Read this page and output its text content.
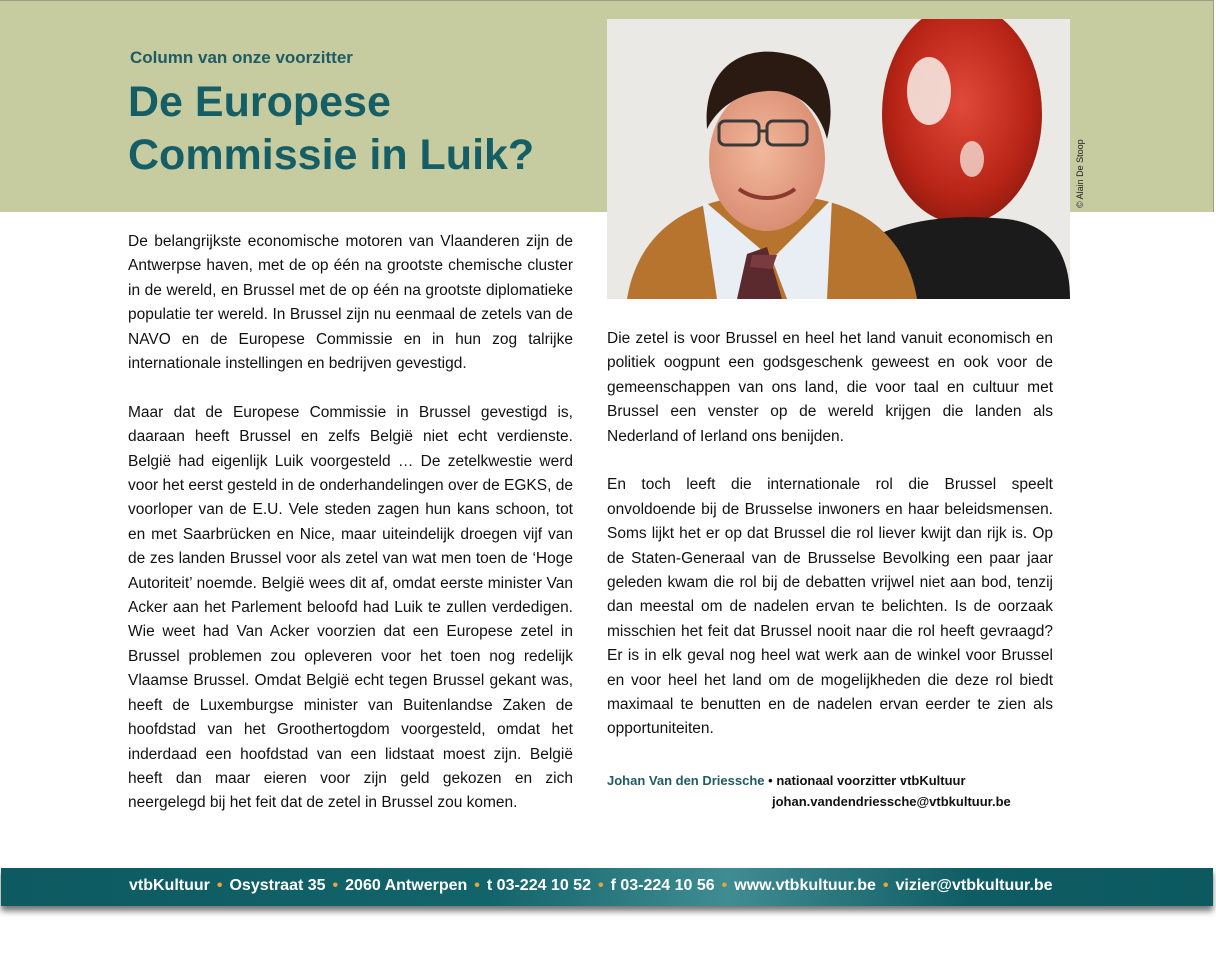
Column van onze voorzitter
De Europese
Commissie in Luik?	© Alain De Stoop

De belangrijkste economische motoren van Vlaanderen zijn de Antwerpse haven, met de op één na grootste chemische cluster in de wereld, en Brussel met de op één na grootste diplomatieke populatie ter wereld. In Brussel zijn nu eenmaal de zetels van de NAVO en de Europese Commissie en in hun zog talrijke internationale instellingen en bedrijven gevestigd.

Maar dat de Europese Commissie in Brussel gevestigd is, daaraan heeft Brussel en zelfs België niet echt verdienste. België had eigenlijk Luik voorgesteld … De zetelkwestie werd voor het eerst gesteld in de onderhandelingen over de EGKS, de voorloper van de E.U. Vele steden zagen hun kans schoon, tot en met Saarbrücken en Nice, maar uiteindelijk droegen vijf van de zes landen Brussel voor als zetel van wat men toen de ‘Hoge Autoriteit’ noemde. België wees dit af, omdat eerste minister Van Acker aan het Parlement beloofd had Luik te zullen verdedigen. Wie weet had Van Acker voorzien dat een Europese zetel in Brussel problemen zou opleveren voor het toen nog redelijk Vlaamse Brussel. Omdat België echt tegen Brussel gekant was, heeft de Luxemburgse minister van Buitenlandse Zaken de hoofdstad van het Groothertogdom voorgesteld, omdat het inderdaad een hoofdstad van een lidstaat moest zijn. België heeft dan maar eieren voor zijn geld gekozen en zich neergelegd bij het feit dat de zetel in Brussel zou komen.

Die zetel is voor Brussel en heel het land vanuit economisch en politiek oogpunt een godsgeschenk geweest en ook voor de gemeenschappen van ons land, die voor taal en cultuur met Brussel een venster op de wereld krijgen die landen als Nederland of Ierland ons benijden.

En toch leeft die internationale rol die Brussel speelt onvoldoende bij de Brusselse inwoners en haar beleidsmensen. Soms lijkt het er op dat Brussel die rol liever kwijt dan rijk is. Op de Staten-Generaal van de Brusselse Bevolking een paar jaar geleden kwam die rol bij de debatten vrijwel niet aan bod, tenzij dan meestal om de nadelen ervan te belichten. Is de oorzaak misschien het feit dat Brussel nooit naar die rol heeft gevraagd? Er is in elk geval nog heel wat werk aan de winkel voor Brussel en voor heel het land om de mogelijkheden die deze rol biedt maximaal te benutten en de nadelen ervan eerder te zien als opportuniteiten.

Johan Van den Driessche • nationaal voorzitter vtbKultuur
johan.vandendriessche@vtbkultuur.be
vtbKultuur • Osystraat 35 • 2060 Antwerpen • t 03-224 10 52 • f 03-224 10 56 • www.vtbkultuur.be • vizier@vtbkultuur.be
